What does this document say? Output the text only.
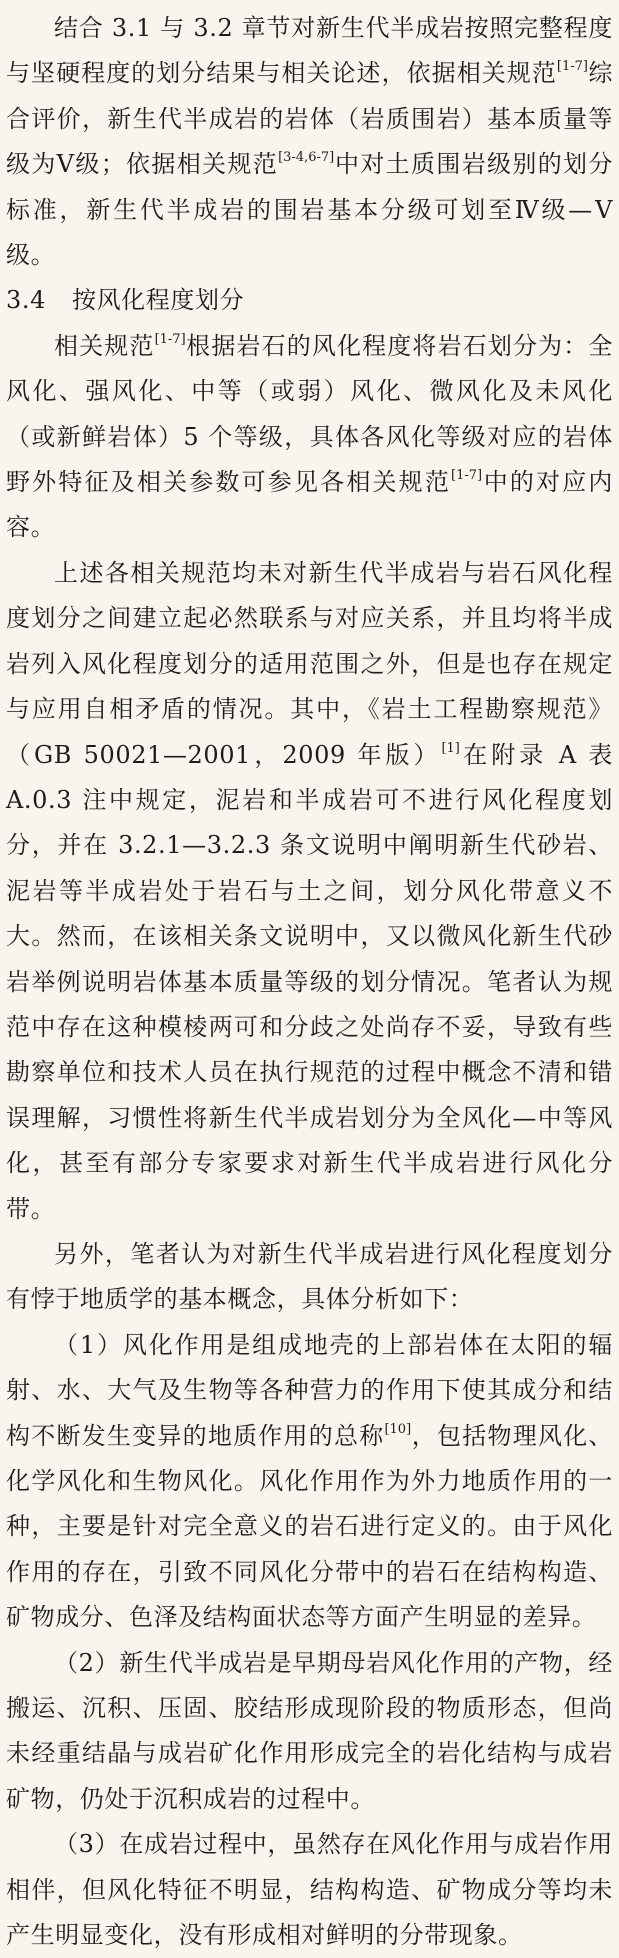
结合 3.1 与 3.2 章节对新生代半成岩按照完整程度与坚硬程度的划分结果与相关论述，依据相关规范[1-7]综合评价，新生代半成岩的岩体（岩质围岩）基本质量等级为Ⅴ级；依据相关规范[3-4,6-7]中对土质围岩级别的划分标准，新生代半成岩的围岩基本分级可划至Ⅳ级—Ⅴ级。

3.4 按风化程度划分

相关规范[1-7]根据岩石的风化程度将岩石划分为：全风化、强风化、中等（或弱）风化、微风化及未风化（或新鲜岩体）5 个等级，具体各风化等级对应的岩体野外特征及相关参数可参见各相关规范[1-7]中的对应内容。

上述各相关规范均未对新生代半成岩与岩石风化程度划分之间建立起必然联系与对应关系，并且均将半成岩列入风化程度划分的适用范围之外，但是也存在规定与应用自相矛盾的情况。其中，《岩土工程勘察规范》（GB 50021—2001，2009 年版）[1]在附录 A 表 A.0.3 注中规定，泥岩和半成岩可不进行风化程度划分，并在 3.2.1—3.2.3 条文说明中阐明新生代砂岩、泥岩等半成岩处于岩石与土之间，划分风化带意义不大。然而，在该相关条文说明中，又以微风化新生代砂岩举例说明岩体基本质量等级的划分情况。笔者认为规范中存在这种模棱两可和分歧之处尚存不妥，导致有些勘察单位和技术人员在执行规范的过程中概念不清和错误理解，习惯性将新生代半成岩划分为全风化—中等风化，甚至有部分专家要求对新生代半成岩进行风化分带。

另外，笔者认为对新生代半成岩进行风化程度划分有悖于地质学的基本概念，具体分析如下：

（1）风化作用是组成地壳的上部岩体在太阳的辐射、水、大气及生物等各种营力的作用下使其成分和结构不断发生变异的地质作用的总称[10]，包括物理风化、化学风化和生物风化。风化作用作为外力地质作用的一种，主要是针对完全意义的岩石进行定义的。由于风化作用的存在，引致不同风化分带中的岩石在结构构造、矿物成分、色泽及结构面状态等方面产生明显的差异。

（2）新生代半成岩是早期母岩风化作用的产物，经搬运、沉积、压固、胶结形成现阶段的物质形态，但尚未经重结晶与成岩矿化作用形成完全的岩化结构与成岩矿物，仍处于沉积成岩的过程中。

（3）在成岩过程中，虽然存在风化作用与成岩作用相伴，但风化特征不明显，结构构造、矿物成分等均未产生明显变化，没有形成相对鲜明的分带现象。
